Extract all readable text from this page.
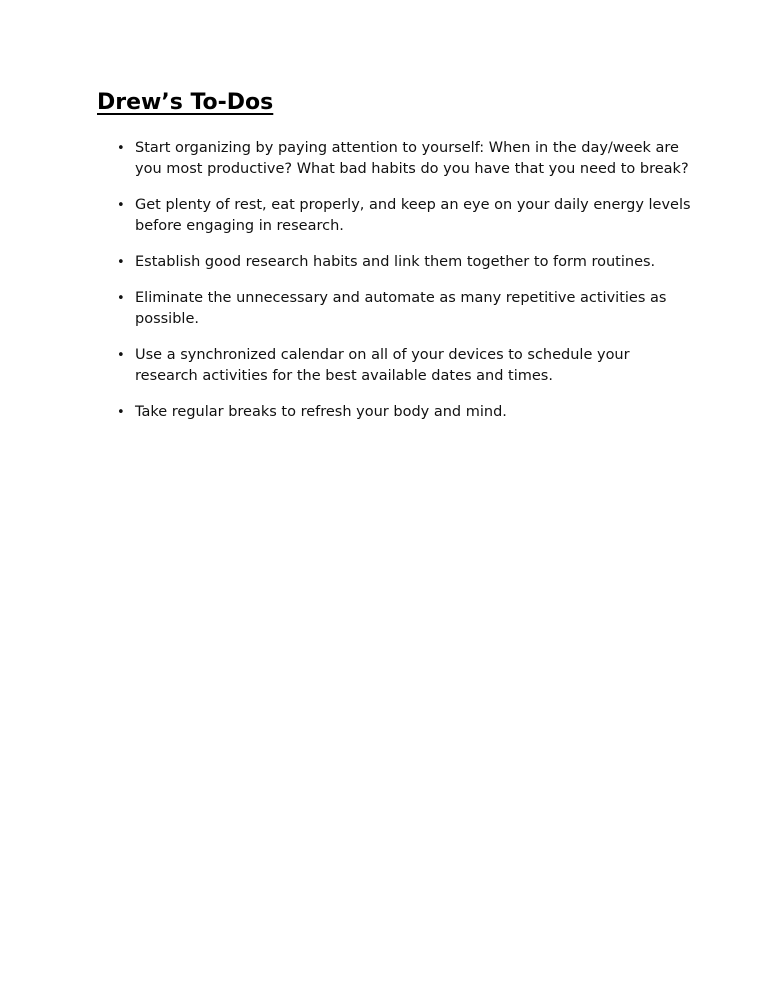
Drew’s To-Dos
• Start organizing by paying attention to yourself: When in the day/week are you most productive? What bad habits do you have that you need to break?
• Get plenty of rest, eat properly, and keep an eye on your daily energy levels before engaging in research.
• Establish good research habits and link them together to form routines.
• Eliminate the unnecessary and automate as many repetitive activities as possible.
• Use a synchronized calendar on all of your devices to schedule your research activities for the best available dates and times.
• Take regular breaks to refresh your body and mind.
